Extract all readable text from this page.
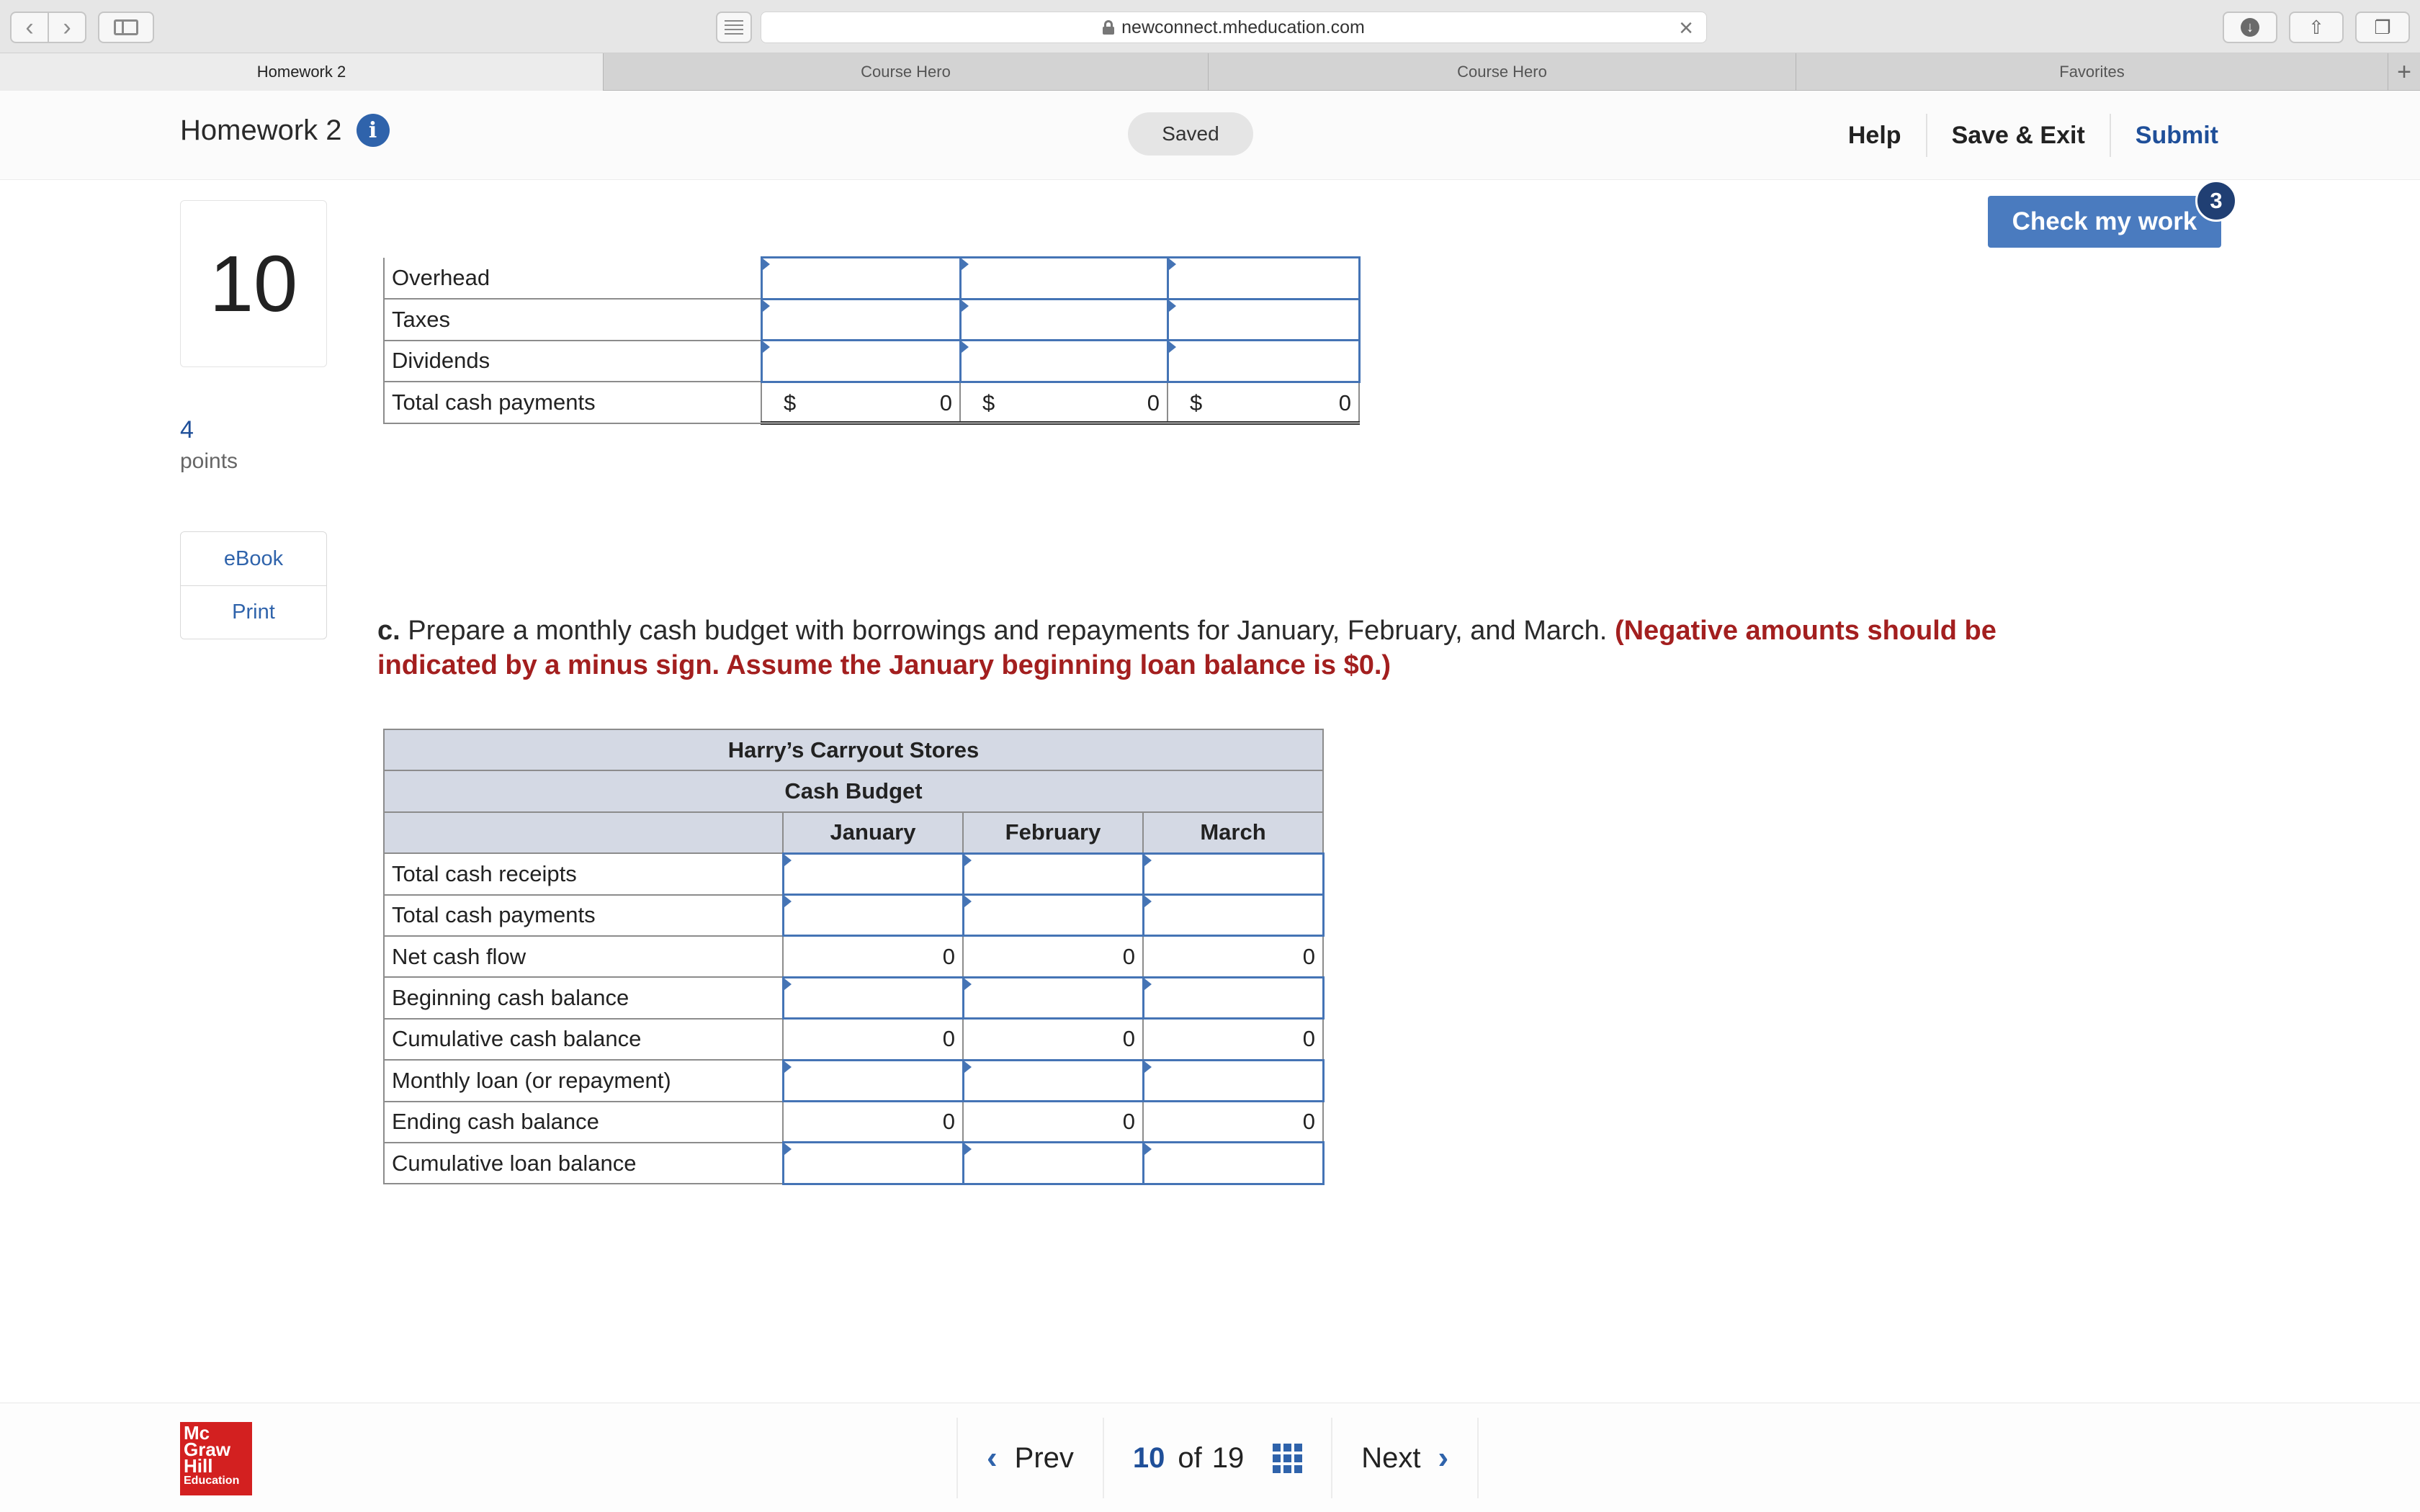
‹	›	newconnect.mheducation.com	×	↓	⇧	❐
Homework 2	Course Hero	Course Hero	Favorites	+
Homework 2	i	Saved	Help	Save & Exit	Submit
10
4
points
eBook
Print
Check my work
3
Overhead			
Taxes			
Dividends			
Total cash payments	$ 0	$ 0	$ 0
c. Prepare a monthly cash budget with borrowings and repayments for January, February, and March. (Negative amounts should be indicated by a minus sign. Assume the January beginning loan balance is $0.)
Harry’s Carryout Stores			
Cash Budget			
	January	February	March
Total cash receipts			
Total cash payments			
Net cash flow	0	0	0
Beginning cash balance			
Cumulative cash balance	0	0	0
Monthly loan (or repayment)			
Ending cash balance	0	0	0
Cumulative loan balance			
Mc
Graw
Hill
Education
‹ Prev 10 of 19	Next ›
